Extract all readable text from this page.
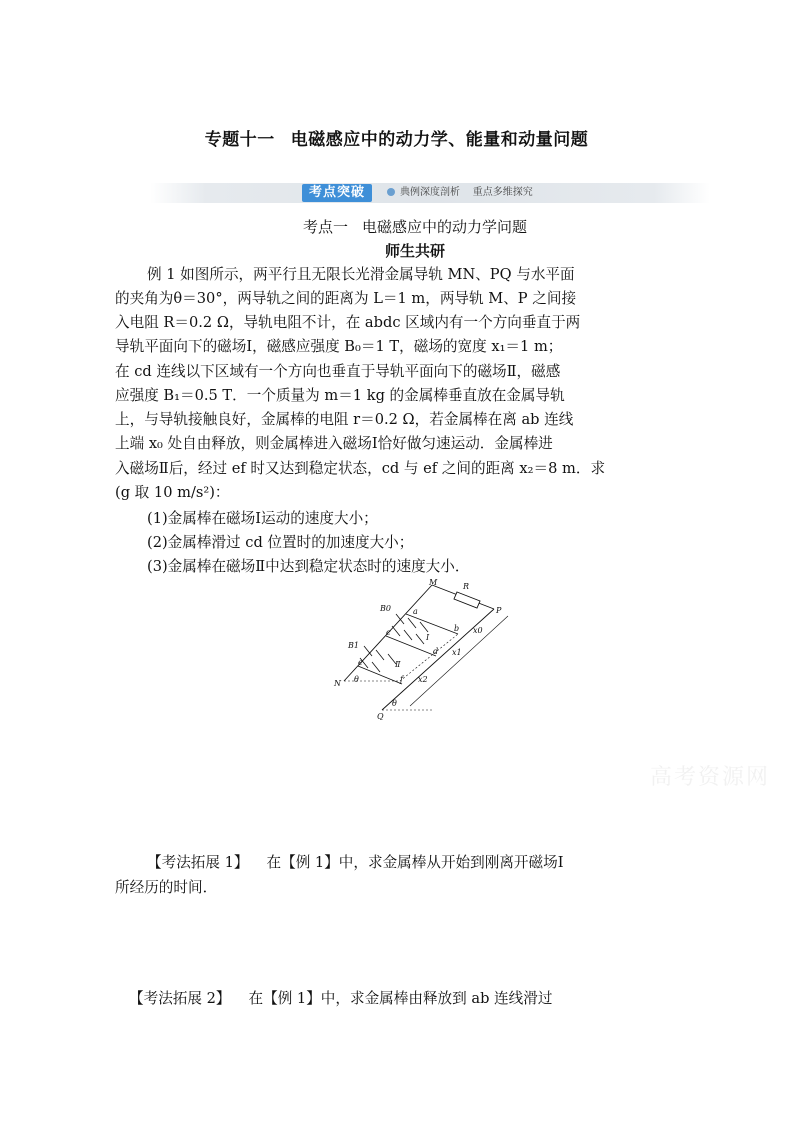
专题十一 电磁感应中的动力学、能量和动量问题
考点突破	典例深度剖析    重点多维探究
考点一 电磁感应中的动力学问题
师生共研
例 1 如图所示，两平行且无限长光滑金属导轨 MN、PQ 与水平面
的夹角为θ＝30°，两导轨之间的距离为 L＝1 m，两导轨 M、P 之间接
入电阻 R＝0.2 Ω，导轨电阻不计，在 abdc 区域内有一个方向垂直于两
导轨平面向下的磁场Ⅰ，磁感应强度 B₀＝1 T，磁场的宽度 x₁＝1 m；
在 cd 连线以下区域有一个方向也垂直于导轨平面向下的磁场Ⅱ，磁感
应强度 B₁＝0.5 T．一个质量为 m＝1 kg 的金属棒垂直放在金属导轨
上，与导轨接触良好，金属棒的电阻 r＝0.2 Ω，若金属棒在离 ab 连线
上端 x₀ 处自由释放，则金属棒进入磁场Ⅰ恰好做匀速运动．金属棒进
入磁场Ⅱ后，经过 ef 时又达到稳定状态，cd 与 ef 之间的距离 x₂＝8 m．求
(g 取 10 m/s²)：
(1)金属棒在磁场Ⅰ运动的速度大小；
(2)金属棒滑过 cd 位置时的加速度大小；
(3)金属棒在磁场Ⅱ中达到稳定状态时的速度大小．
M	R
P
B0	a
Ⅰ
b x0
c
d x1
B1
Ⅱ
e
f
N θ	x2
Q
θ
高考资源网
【考法拓展 1】 在【例 1】中，求金属棒从开始到刚离开磁场Ⅰ
所经历的时间．
【考法拓展 2】 在【例 1】中，求金属棒由释放到 ab 连线滑过
